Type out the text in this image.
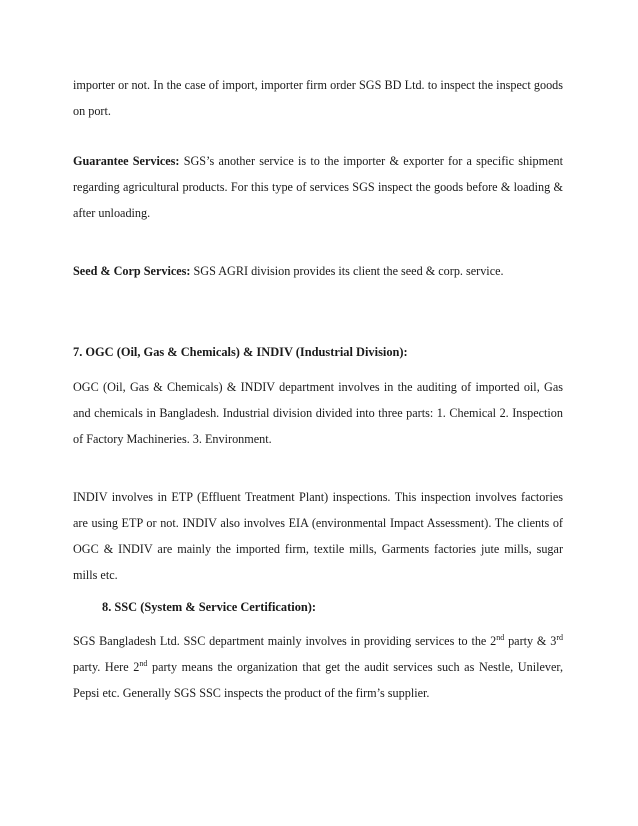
importer or not. In the case of import, importer firm order SGS BD Ltd. to inspect the inspect goods on port.

Guarantee Services: SGS’s another service is to the importer & exporter for a specific shipment regarding agricultural products. For this type of services SGS inspect the goods before & loading & after unloading.

Seed & Corp Services: SGS AGRI division provides its client the seed & corp. service.

7. OGC (Oil, Gas & Chemicals) & INDIV (Industrial Division):

OGC (Oil, Gas & Chemicals) & INDIV department involves in the auditing of imported oil, Gas and chemicals in Bangladesh. Industrial division divided into three parts: 1. Chemical 2. Inspection of Factory Machineries. 3. Environment.

INDIV involves in ETP (Effluent Treatment Plant) inspections. This inspection involves factories are using ETP or not. INDIV also involves EIA (environmental Impact Assessment). The clients of OGC & INDIV are mainly the imported firm, textile mills, Garments factories jute mills, sugar mills etc.

8. SSC (System & Service Certification):

SGS Bangladesh Ltd. SSC department mainly involves in providing services to the 2nd party & 3rd party. Here 2nd party means the organization that get the audit services such as Nestle, Unilever, Pepsi etc. Generally SGS SSC inspects the product of the firm’s supplier.
